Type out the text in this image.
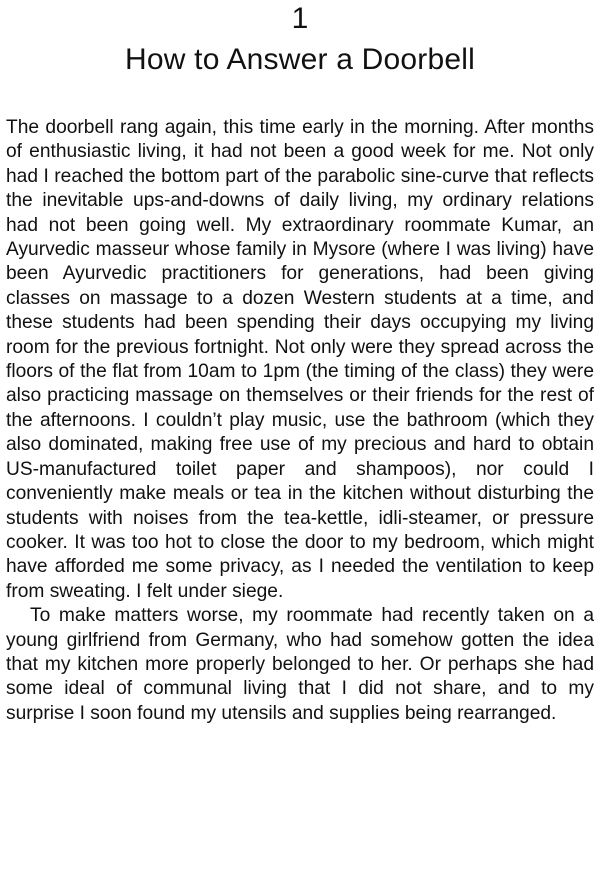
1
How to Answer a Doorbell

The doorbell rang again, this time early in the morning. After months of enthusiastic living, it had not been a good week for me. Not only had I reached the bottom part of the parabolic sine-curve that reflects the inevitable ups-and-downs of daily living, my ordinary relations had not been going well. My extraordinary roommate Kumar, an Ayurvedic masseur whose family in Mysore (where I was living) have been Ayurvedic practitioners for generations, had been giving classes on massage to a dozen Western students at a time, and these students had been spending their days occupying my living room for the previous fortnight. Not only were they spread across the floors of the flat from 10am to 1pm (the timing of the class) they were also practicing massage on themselves or their friends for the rest of the afternoons. I couldn’t play music, use the bathroom (which they also dominated, making free use of my precious and hard to obtain US-manufactured toilet paper and shampoos), nor could I conveniently make meals or tea in the kitchen without disturbing the students with noises from the tea-kettle, idli-steamer, or pressure cooker. It was too hot to close the door to my bedroom, which might have afforded me some privacy, as I needed the ventilation to keep from sweating. I felt under siege.

To make matters worse, my roommate had recently taken on a young girlfriend from Germany, who had somehow gotten the idea that my kitchen more properly belonged to her. Or perhaps she had some ideal of communal living that I did not share, and to my surprise I soon found my utensils and supplies being rearranged.
